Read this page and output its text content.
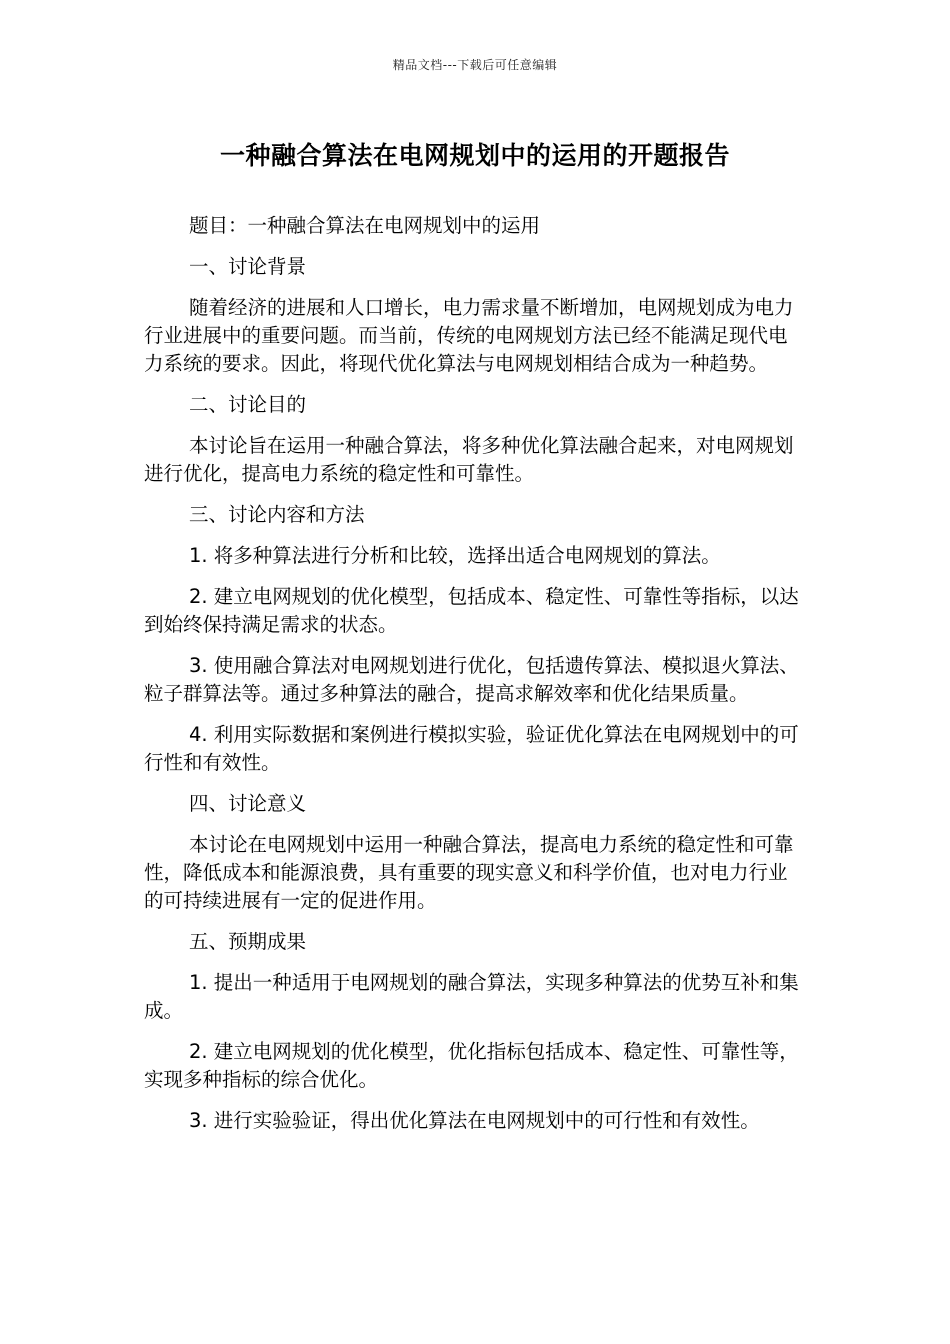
精品文档---下载后可任意编辑
一种融合算法在电网规划中的运用的开题报告

题目：一种融合算法在电网规划中的运用

一、讨论背景

随着经济的进展和人口增长，电力需求量不断增加，电网规划成为电力行业进展中的重要问题。而当前，传统的电网规划方法已经不能满足现代电力系统的要求。因此，将现代优化算法与电网规划相结合成为一种趋势。

二、讨论目的

本讨论旨在运用一种融合算法，将多种优化算法融合起来，对电网规划进行优化，提高电力系统的稳定性和可靠性。

三、讨论内容和方法

1. 将多种算法进行分析和比较，选择出适合电网规划的算法。

2. 建立电网规划的优化模型，包括成本、稳定性、可靠性等指标，以达到始终保持满足需求的状态。

3. 使用融合算法对电网规划进行优化，包括遗传算法、模拟退火算法、粒子群算法等。通过多种算法的融合，提高求解效率和优化结果质量。

4. 利用实际数据和案例进行模拟实验，验证优化算法在电网规划中的可行性和有效性。

四、讨论意义

本讨论在电网规划中运用一种融合算法，提高电力系统的稳定性和可靠性，降低成本和能源浪费，具有重要的现实意义和科学价值，也对电力行业的可持续进展有一定的促进作用。

五、预期成果

1. 提出一种适用于电网规划的融合算法，实现多种算法的优势互补和集成。

2. 建立电网规划的优化模型，优化指标包括成本、稳定性、可靠性等，实现多种指标的综合优化。

3. 进行实验验证，得出优化算法在电网规划中的可行性和有效性。
